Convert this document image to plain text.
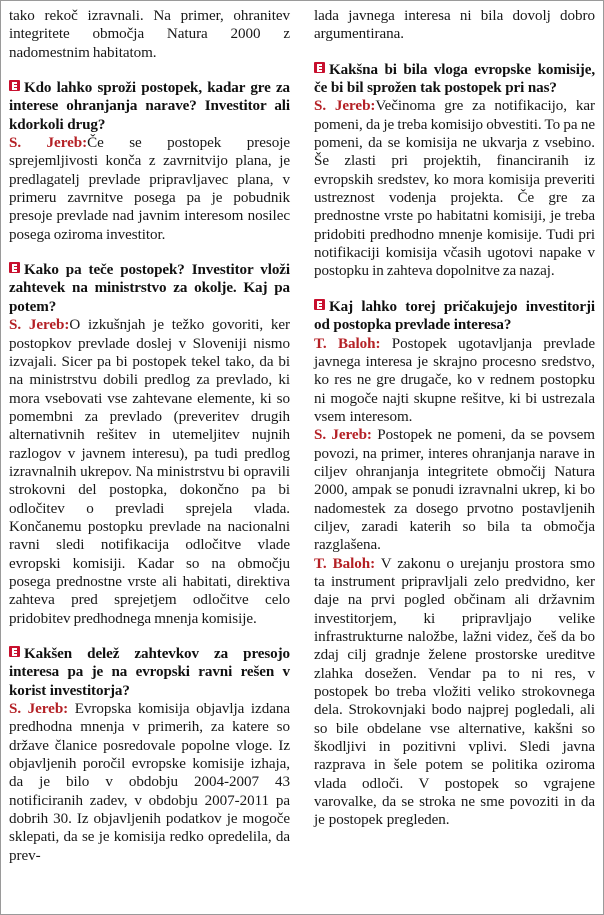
tako rekoč izravnali. Na primer, ohranitev integritete območja Natura 2000 z nadomestnim habitatom.

Kdo lahko sproži postopek, kadar gre za interese ohranjanja narave? Investitor ali kdorkoli drug?

S. Jereb:Če se postopek presoje sprejemljivosti konča z zavrnitvijo plana, je predlagatelj prevlade pripravljavec plana, v primeru zavrnitve posega pa je pobudnik presoje prevlade nad javnim interesom nosilec posega oziroma investitor.

Kako pa teče postopek? Investitor vloži zahtevek na ministrstvo za okolje. Kaj pa potem?

S. Jereb:O izkušnjah je težko govoriti, ker postopkov prevlade doslej v Sloveniji nismo izvajali. Sicer pa bi postopek tekel tako, da bi na ministrstvu dobili predlog za prevlado, ki mora vsebovati vse zahtevane elemente, ki so pomembni za prevlado (preveritev drugih alternativnih rešitev in utemeljitev nujnih razlogov v javnem interesu), pa tudi predlog izravnalnih ukrepov. Na ministrstvu bi opravili strokovni del postopka, dokončno pa bi odločitev o prevladi sprejela vlada. Končanemu postopku prevlade na nacionalni ravni sledi notifikacija odločitve vlade evropski komisiji. Kadar so na območju posega prednostne vrste ali habitati, direktiva zahteva pred sprejetjem odločitve celo pridobitev predhodnega mnenja komisije.

Kakšen delež zahtevkov za presojo interesa pa je na evropski ravni rešen v korist investitorja?

S. Jereb: Evropska komisija objavlja izdana predhodna mnenja v primerih, za katere so države članice posredovale popolne vloge. Iz objavljenih poročil evropske komisije izhaja, da je bilo v obdobju 2004-2007 43 notificiranih zadev, v obdobju 2007-2011 pa dobrih 30. Iz objavljenih podatkov je mogoče sklepati, da se je komisija redko opredelila, da prev-

lada javnega interesa ni bila dovolj dobro argumentirana.

Kakšna bi bila vloga evropske komisije, če bi bil sprožen tak postopek pri nas?

S. Jereb:Večinoma gre za notifikacijo, kar pomeni, da je treba komisijo obvestiti. To pa ne pomeni, da se komisija ne ukvarja z vsebino. Še zlasti pri projektih, financiranih iz evropskih sredstev, ko mora komisija preveriti ustreznost vodenja projekta. Če gre za prednostne vrste po habitatni komisiji, je treba pridobiti predhodno mnenje komisije. Tudi pri notifikaciji komisija včasih ugotovi napake v postopku in zahteva dopolnitve za nazaj.

Kaj lahko torej pričakujejo investitorji od postopka prevlade interesa?

T. Baloh: Postopek ugotavljanja prevlade javnega interesa je skrajno procesno sredstvo, ko res ne gre drugače, ko v rednem postopku ni mogoče najti skupne rešitve, ki bi ustrezala vsem interesom.

S. Jereb: Postopek ne pomeni, da se povsem povozi, na primer, interes ohranjanja narave in ciljev ohranjanja integritete območij Natura 2000, ampak se ponudi izravnalni ukrep, ki bo nadomestek za dosego prvotno postavljenih ciljev, zaradi katerih so bila ta območja razglašena.

T. Baloh: V zakonu o urejanju prostora smo ta instrument pripravljali zelo predvidno, ker daje na prvi pogled občinam ali državnim investitorjem, ki pripravljajo velike infrastrukturne naložbe, lažni videz, češ da bo zdaj cilj gradnje želene prostorske ureditve zlahka dosežen. Vendar pa to ni res, v postopek bo treba vložiti veliko strokovnega dela. Strokovnjaki bodo najprej pogledali, ali so bile obdelane vse alternative, kakšni so škodljivi in pozitivni vplivi. Sledi javna razprava in šele potem se politika oziroma vlada odloči. V postopek so vgrajene varovalke, da se stroka ne sme povoziti in da je postopek pregleden.
